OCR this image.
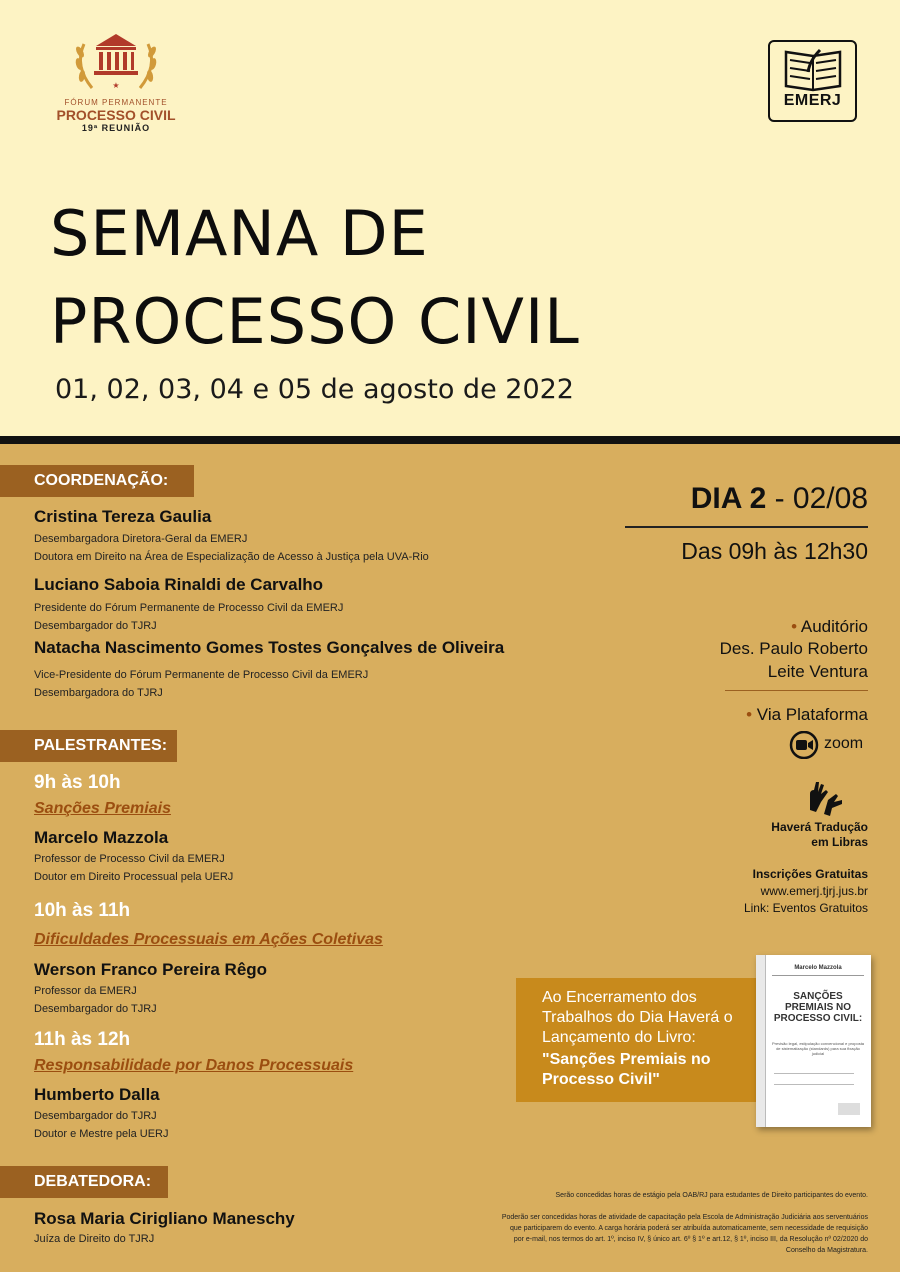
★
FÓRUM PERMANENTE
PROCESSO CIVIL
19ª REUNIÃO
EMERJ
SEMANA DE
PROCESSO CIVIL
01, 02, 03, 04 e 05 de agosto de 2022
COORDENAÇÃO:
Cristina Tereza Gaulia
Desembargadora Diretora-Geral da EMERJ
Doutora em Direito na Área de Especialização de Acesso à Justiça pela UVA-Rio
Luciano Saboia Rinaldi de Carvalho
Presidente do Fórum Permanente de Processo Civil da EMERJ
Desembargador do TJRJ
Natacha Nascimento Gomes Tostes Gonçalves de Oliveira
Vice-Presidente do Fórum Permanente de Processo Civil da EMERJ
Desembargadora do TJRJ
PALESTRANTES:
9h às 10h
Sanções Premiais
Marcelo Mazzola
Professor de Processo Civil da EMERJ
Doutor em Direito Processual pela UERJ
10h às 11h
Dificuldades Processuais em Ações Coletivas
Werson Franco Pereira Rêgo
Professor da EMERJ
Desembargador do TJRJ
11h às 12h
Responsabilidade por Danos Processuais
Humberto Dalla
Desembargador do TJRJ
Doutor e Mestre pela UERJ
DEBATEDORA:
Rosa Maria Cirigliano Maneschy
Juíza de Direito do TJRJ
DIA 2 - 02/08
Das 09h às 12h30
• Auditório
Des. Paulo Roberto
Leite Ventura
• Via Plataforma
zoom
Haverá Tradução
em Libras
Inscrições Gratuitas
www.emerj.tjrj.jus.br
Link: Eventos Gratuitos
Ao Encerramento dos Trabalhos do Dia Haverá o Lançamento do Livro:
"Sanções Premiais no Processo Civil"
Marcelo Mazzola
SANÇÕES PREMIAIS NO PROCESSO CIVIL:
Previsão legal, estipulação convencional e proposta de sistematização (standards) para sua fixação judicial
Serão concedidas horas de estágio pela OAB/RJ para estudantes de Direito participantes do evento.
Poderão ser concedidas horas de atividade de capacitação pela Escola de Administração Judiciária aos serventuários
que participarem do evento. A carga horária poderá ser atribuída automaticamente, sem necessidade de requisição
por e-mail, nos termos do art. 1º, inciso IV, § único art. 6º § 1º e art.12, § 1º, inciso III, da Resolução nº 02/2020 do
Conselho da Magistratura.
